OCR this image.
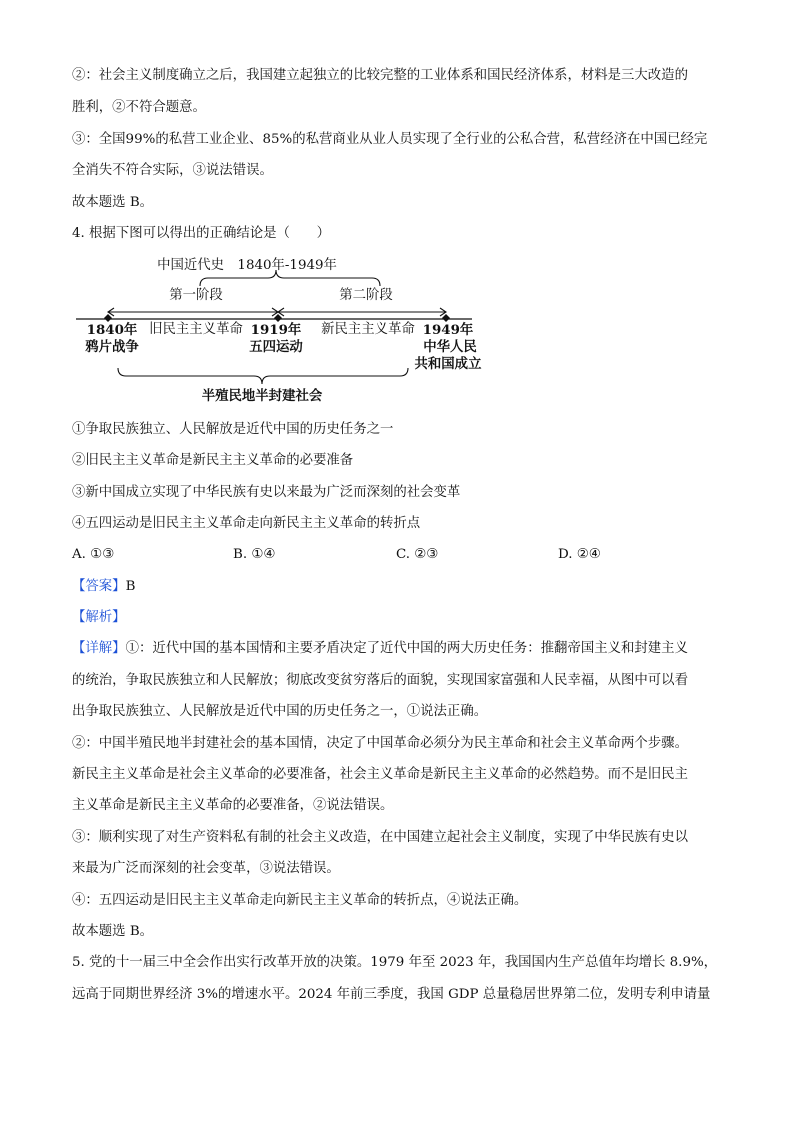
②：社会主义制度确立之后，我国建立起独立的比较完整的工业体系和国民经济体系，材料是三大改造的
胜利，②不符合题意。
③：全国99%的私营工业企业、85%的私营商业从业人员实现了全行业的公私合营，私营经济在中国已经完
全消失不符合实际，③说法错误。
故本题选 B。
4. 根据下图可以得出的正确结论是（　　）
中国近代史　1840年-1949年
第一阶段	第二阶段
1840年
鸦片战争
旧民主主义革命 1919年
五四运动
新民主主义革命 1949年
中华人民
共和国成立
半殖民地半封建社会
①争取民族独立、人民解放是近代中国的历史任务之一
②旧民主主义革命是新民主主义革命的必要准备
③新中国成立实现了中华民族有史以来最为广泛而深刻的社会变革
④五四运动是旧民主主义革命走向新民主主义革命的转折点
A. ①③	B. ①④	C. ②③	D. ②④
【答案】B
【解析】
【详解】①：近代中国的基本国情和主要矛盾决定了近代中国的两大历史任务：推翻帝国主义和封建主义
的统治，争取民族独立和人民解放；彻底改变贫穷落后的面貌，实现国家富强和人民幸福，从图中可以看
出争取民族独立、人民解放是近代中国的历史任务之一，①说法正确。
②：中国半殖民地半封建社会的基本国情，决定了中国革命必须分为民主革命和社会主义革命两个步骤。
新民主主义革命是社会主义革命的必要准备，社会主义革命是新民主主义革命的必然趋势。而不是旧民主
主义革命是新民主主义革命的必要准备，②说法错误。
③：顺利实现了对生产资料私有制的社会主义改造，在中国建立起社会主义制度，实现了中华民族有史以
来最为广泛而深刻的社会变革，③说法错误。
④：五四运动是旧民主主义革命走向新民主主义革命的转折点，④说法正确。
故本题选 B。
5. 党的十一届三中全会作出实行改革开放的决策。1979 年至 2023 年，我国国内生产总值年均增长 8.9%，
远高于同期世界经济 3%的增速水平。2024 年前三季度，我国 GDP 总量稳居世界第二位，发明专利申请量
